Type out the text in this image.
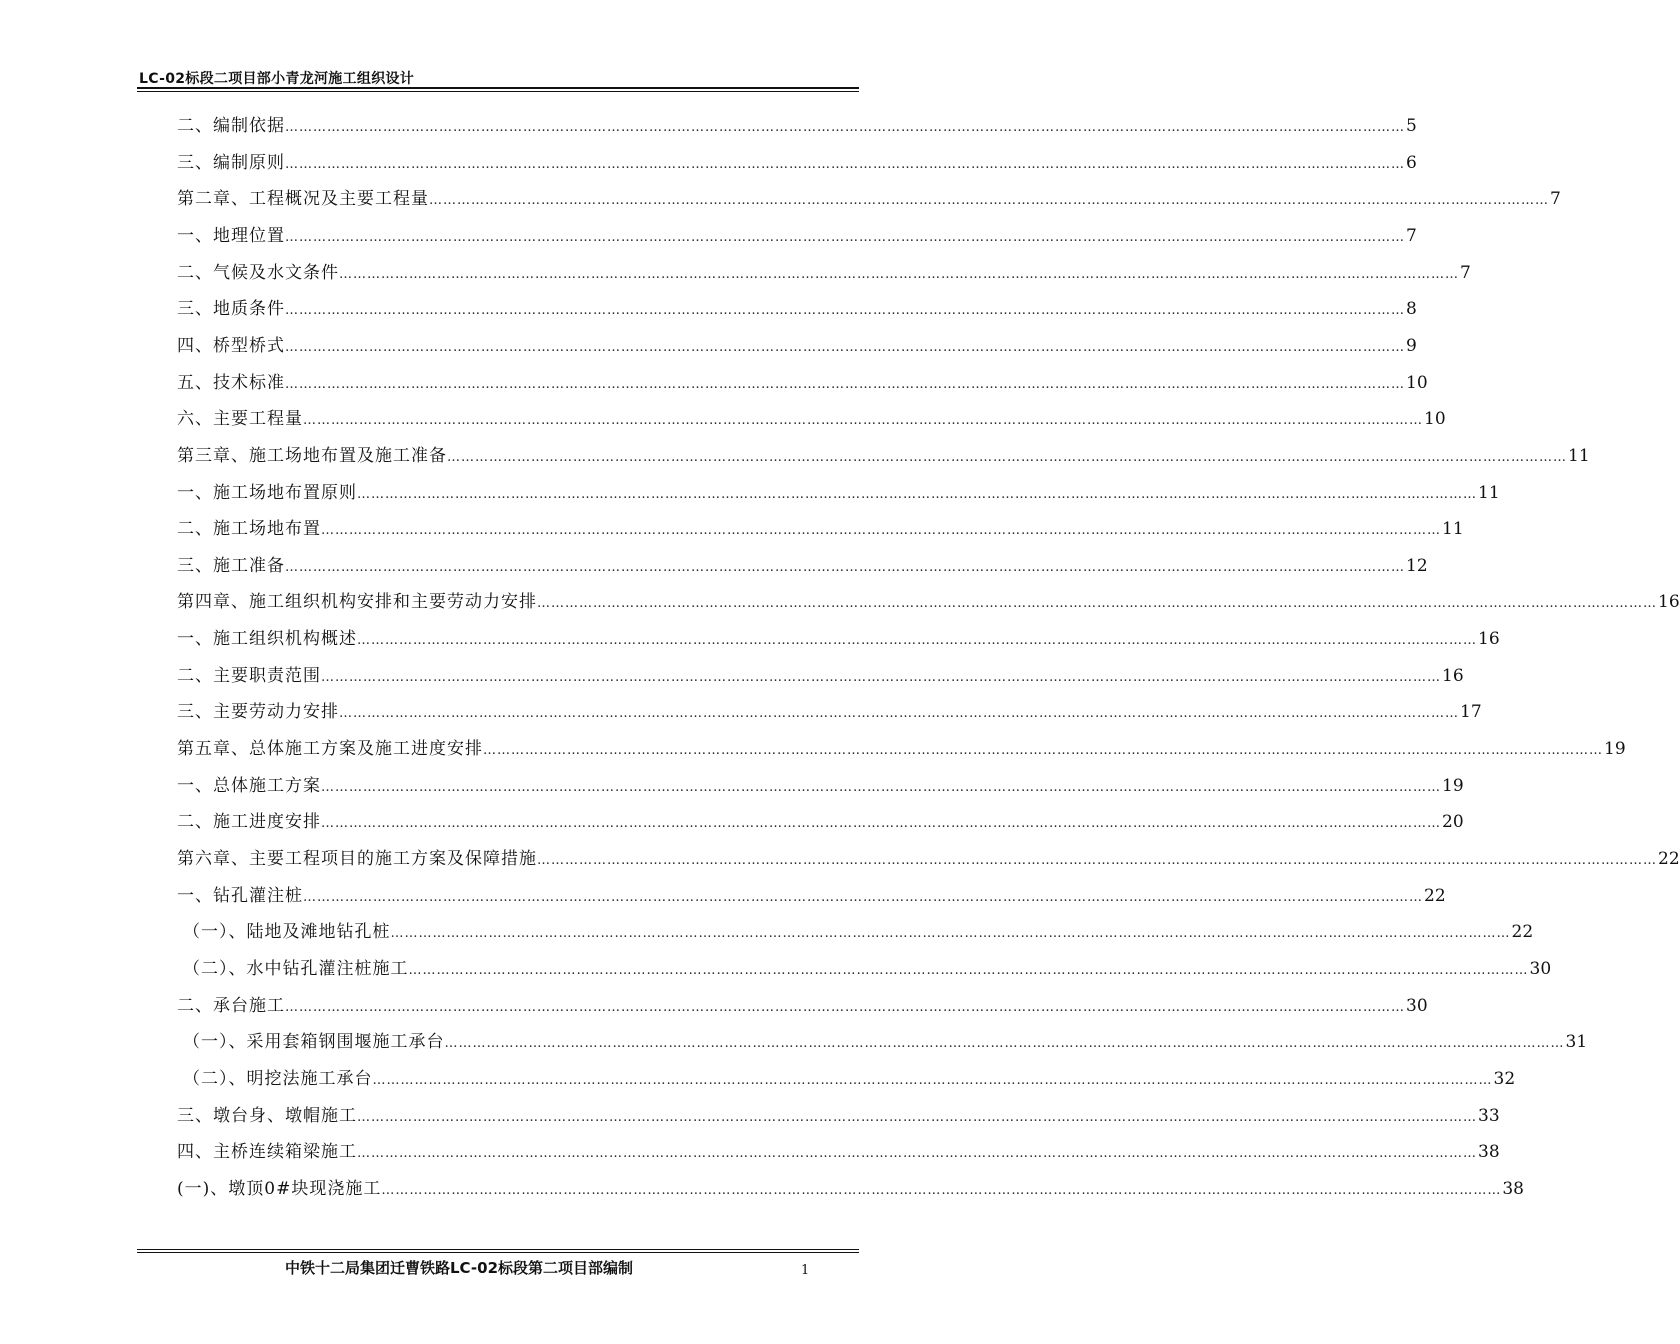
LC-02标段二项目部小青龙河施工组织设计
二、编制依据 …………………………………………………………………………………………………………………………………………………………………………………………………………………… 5
三、编制原则 …………………………………………………………………………………………………………………………………………………………………………………………………………………… 6
第二章、工程概况及主要工程量 …………………………………………………………………………………………………………………………………………………………………………………………………………………… 7
一、地理位置 …………………………………………………………………………………………………………………………………………………………………………………………………………………… 7
二、气候及水文条件 …………………………………………………………………………………………………………………………………………………………………………………………………………………… 7
三、地质条件 …………………………………………………………………………………………………………………………………………………………………………………………………………………… 8
四、桥型桥式 …………………………………………………………………………………………………………………………………………………………………………………………………………………… 9
五、技术标准 …………………………………………………………………………………………………………………………………………………………………………………………………………………… 10
六、主要工程量 …………………………………………………………………………………………………………………………………………………………………………………………………………………… 10
第三章、施工场地布置及施工准备 …………………………………………………………………………………………………………………………………………………………………………………………………………………… 11
一、施工场地布置原则 …………………………………………………………………………………………………………………………………………………………………………………………………………………… 11
二、施工场地布置 …………………………………………………………………………………………………………………………………………………………………………………………………………………… 11
三、施工准备 …………………………………………………………………………………………………………………………………………………………………………………………………………………… 12
第四章、施工组织机构安排和主要劳动力安排 …………………………………………………………………………………………………………………………………………………………………………………………………………………… 16
一、施工组织机构概述 …………………………………………………………………………………………………………………………………………………………………………………………………………………… 16
二、主要职责范围 …………………………………………………………………………………………………………………………………………………………………………………………………………………… 16
三、主要劳动力安排 …………………………………………………………………………………………………………………………………………………………………………………………………………………… 17
第五章、总体施工方案及施工进度安排 …………………………………………………………………………………………………………………………………………………………………………………………………………………… 19
一、总体施工方案 …………………………………………………………………………………………………………………………………………………………………………………………………………………… 19
二、施工进度安排 …………………………………………………………………………………………………………………………………………………………………………………………………………………… 20
第六章、主要工程项目的施工方案及保障措施 …………………………………………………………………………………………………………………………………………………………………………………………………………………… 22
一、钻孔灌注桩 …………………………………………………………………………………………………………………………………………………………………………………………………………………… 22
（一）、陆地及滩地钻孔桩 …………………………………………………………………………………………………………………………………………………………………………………………………………………… 22
（二）、水中钻孔灌注桩施工 …………………………………………………………………………………………………………………………………………………………………………………………………………………… 30
二、承台施工 …………………………………………………………………………………………………………………………………………………………………………………………………………………… 30
（一）、采用套箱钢围堰施工承台 …………………………………………………………………………………………………………………………………………………………………………………………………………………… 31
（二）、明挖法施工承台 …………………………………………………………………………………………………………………………………………………………………………………………………………………… 32
三、墩台身、墩帽施工 …………………………………………………………………………………………………………………………………………………………………………………………………………………… 33
四、主桥连续箱梁施工 …………………………………………………………………………………………………………………………………………………………………………………………………………………… 38
(一)、墩顶0#块现浇施工 …………………………………………………………………………………………………………………………………………………………………………………………………………………… 38
中铁十二局集团迁曹铁路LC-02标段第二项目部编制	1
